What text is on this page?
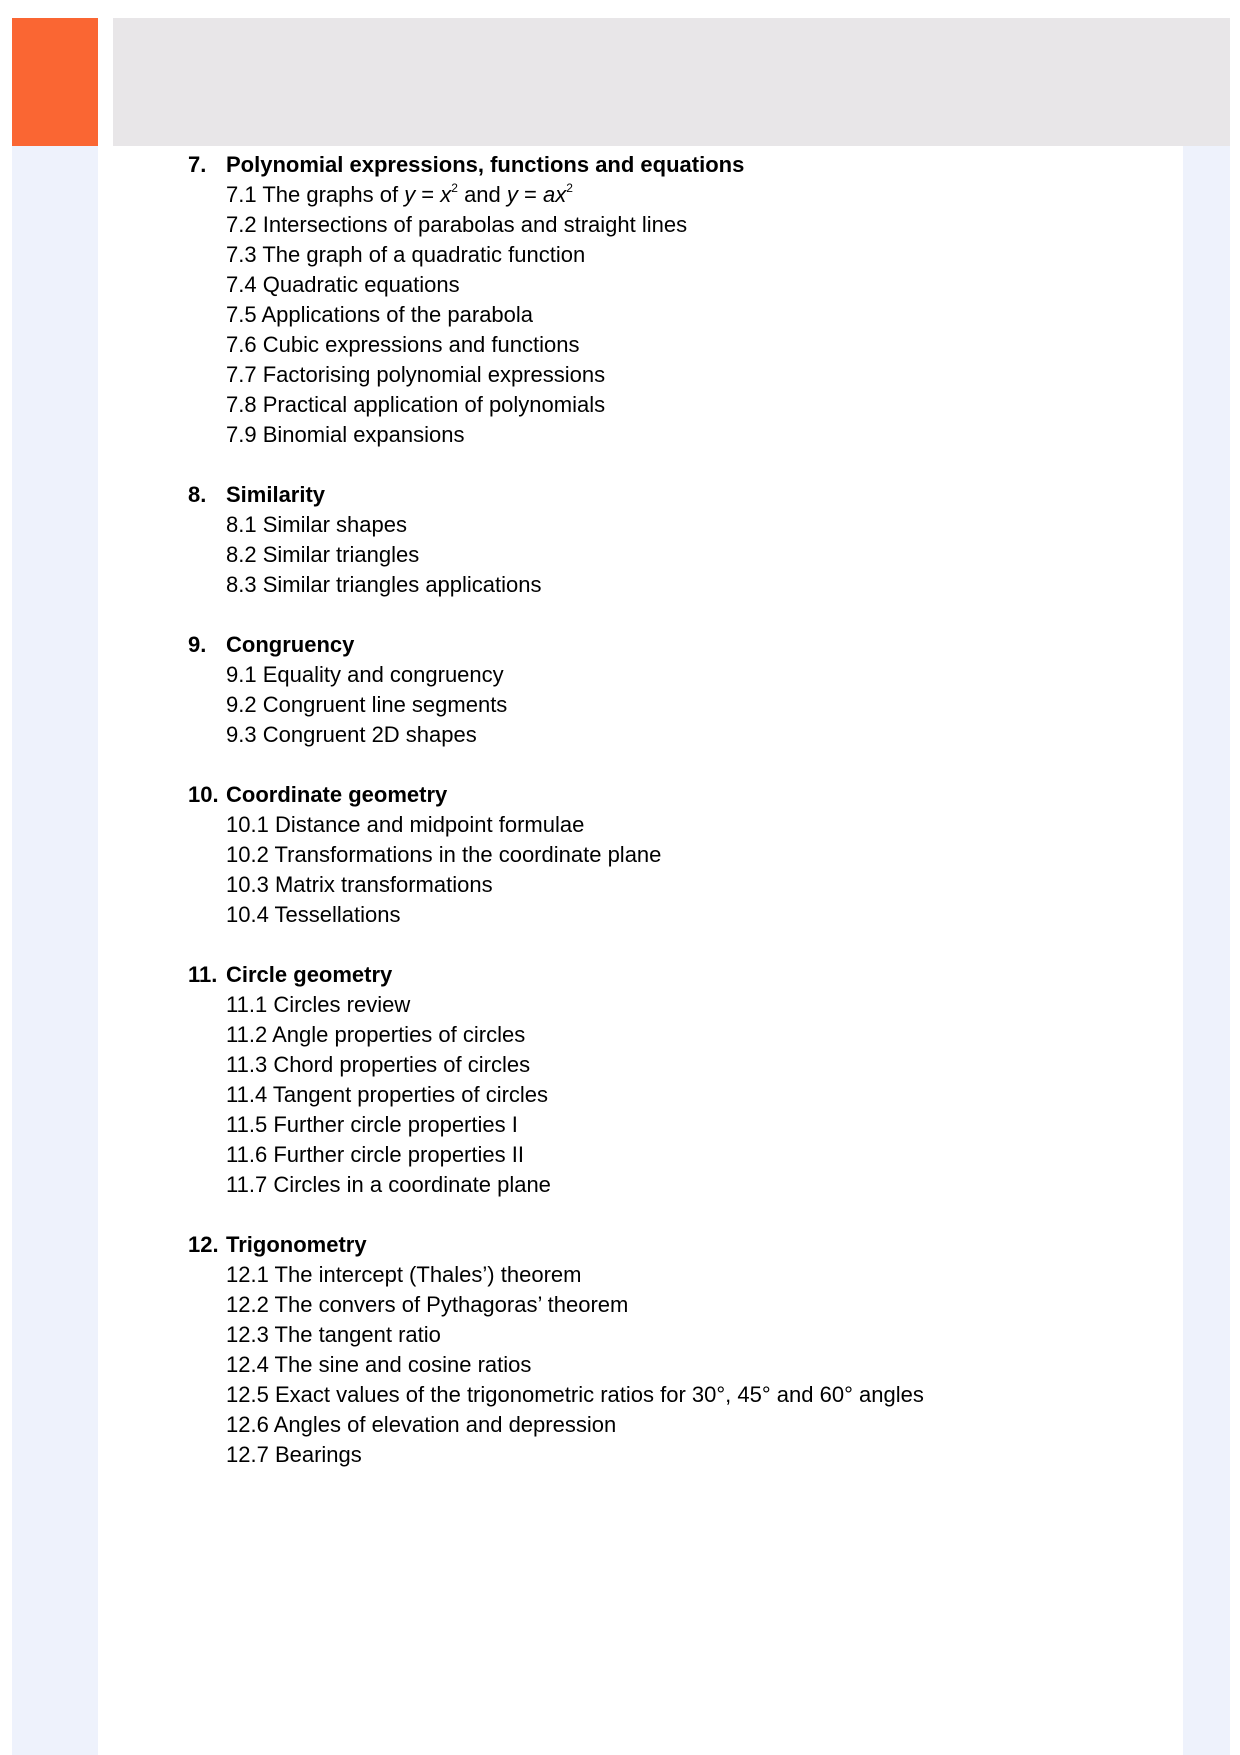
7. Polynomial expressions, functions and equations
7.1 The graphs of $y = x^2$ and $y = ax^2$
7.2 Intersections of parabolas and straight lines
7.3 The graph of a quadratic function
7.4 Quadratic equations
7.5 Applications of the parabola
7.6 Cubic expressions and functions
7.7 Factorising polynomial expressions
7.8 Practical application of polynomials
7.9 Binomial expansions
8. Similarity
8.1 Similar shapes
8.2 Similar triangles
8.3 Similar triangles applications
9. Congruency
9.1 Equality and congruency
9.2 Congruent line segments
9.3 Congruent 2D shapes
10. Coordinate geometry
10.1 Distance and midpoint formulae
10.2 Transformations in the coordinate plane
10.3 Matrix transformations
10.4 Tessellations
11. Circle geometry
11.1 Circles review
11.2 Angle properties of circles
11.3 Chord properties of circles
11.4 Tangent properties of circles
11.5 Further circle properties I
11.6 Further circle properties II
11.7 Circles in a coordinate plane
12. Trigonometry
12.1 The intercept (Thales’) theorem
12.2 The convers of Pythagoras’ theorem
12.3 The tangent ratio
12.4 The sine and cosine ratios
12.5 Exact values of the trigonometric ratios for 30°, 45° and 60° angles
12.6 Angles of elevation and depression
12.7 Bearings
